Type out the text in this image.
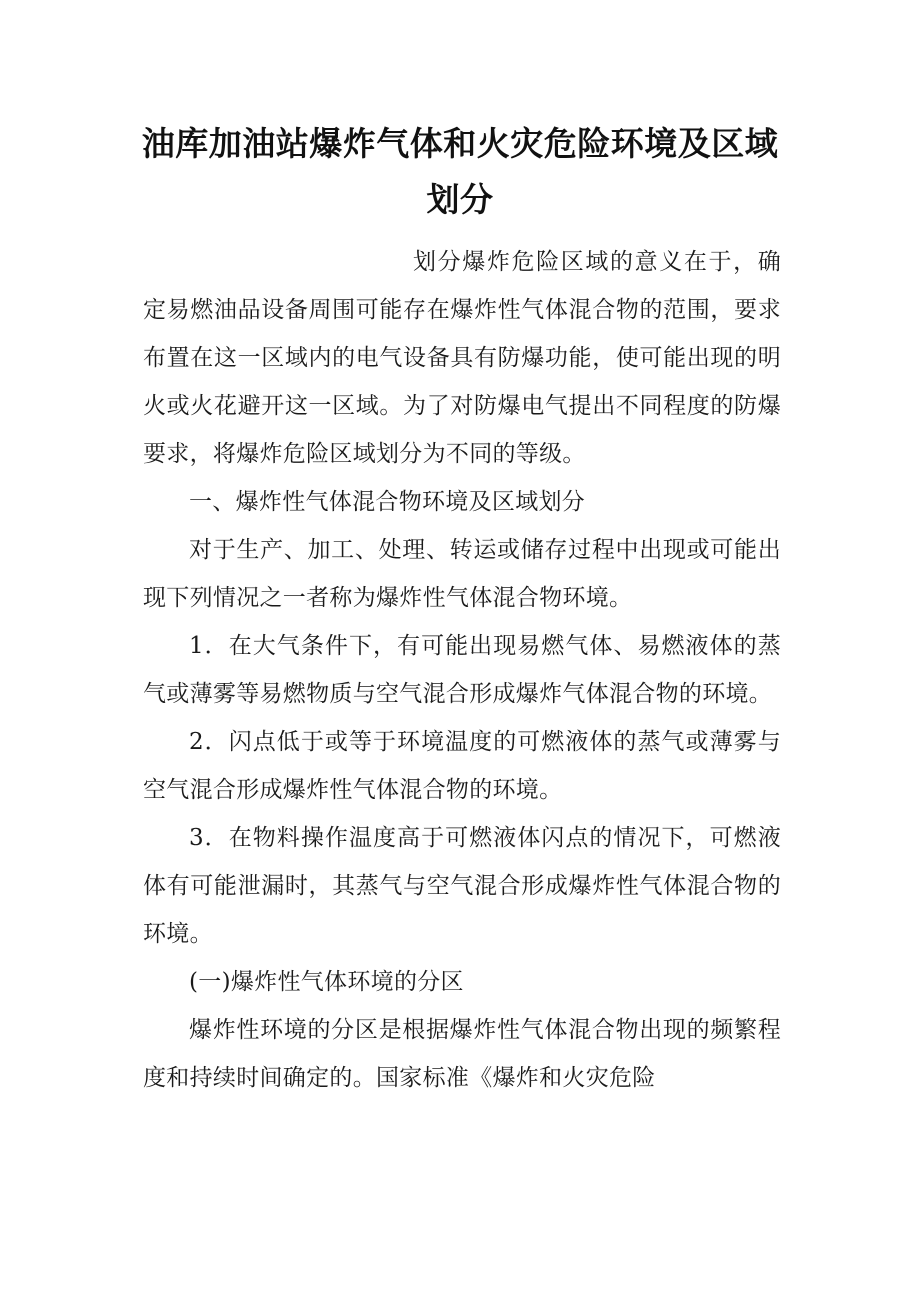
油库加油站爆炸气体和火灾危险环境及区域划分

划分爆炸危险区域的意义在于，确定易燃油品设备周围可能存在爆炸性气体混合物的范围，要求布置在这一区域内的电气设备具有防爆功能，使可能出现的明火或火花避开这一区域。为了对防爆电气提出不同程度的防爆要求，将爆炸危险区域划分为不同的等级。

一、爆炸性气体混合物环境及区域划分

对于生产、加工、处理、转运或储存过程中出现或可能出现下列情况之一者称为爆炸性气体混合物环境。

1．在大气条件下，有可能出现易燃气体、易燃液体的蒸气或薄雾等易燃物质与空气混合形成爆炸气体混合物的环境。

2．闪点低于或等于环境温度的可燃液体的蒸气或薄雾与空气混合形成爆炸性气体混合物的环境。

3．在物料操作温度高于可燃液体闪点的情况下，可燃液体有可能泄漏时，其蒸气与空气混合形成爆炸性气体混合物的环境。

(一)爆炸性气体环境的分区

爆炸性环境的分区是根据爆炸性气体混合物出现的频繁程度和持续时间确定的。国家标准《爆炸和火灾危险
